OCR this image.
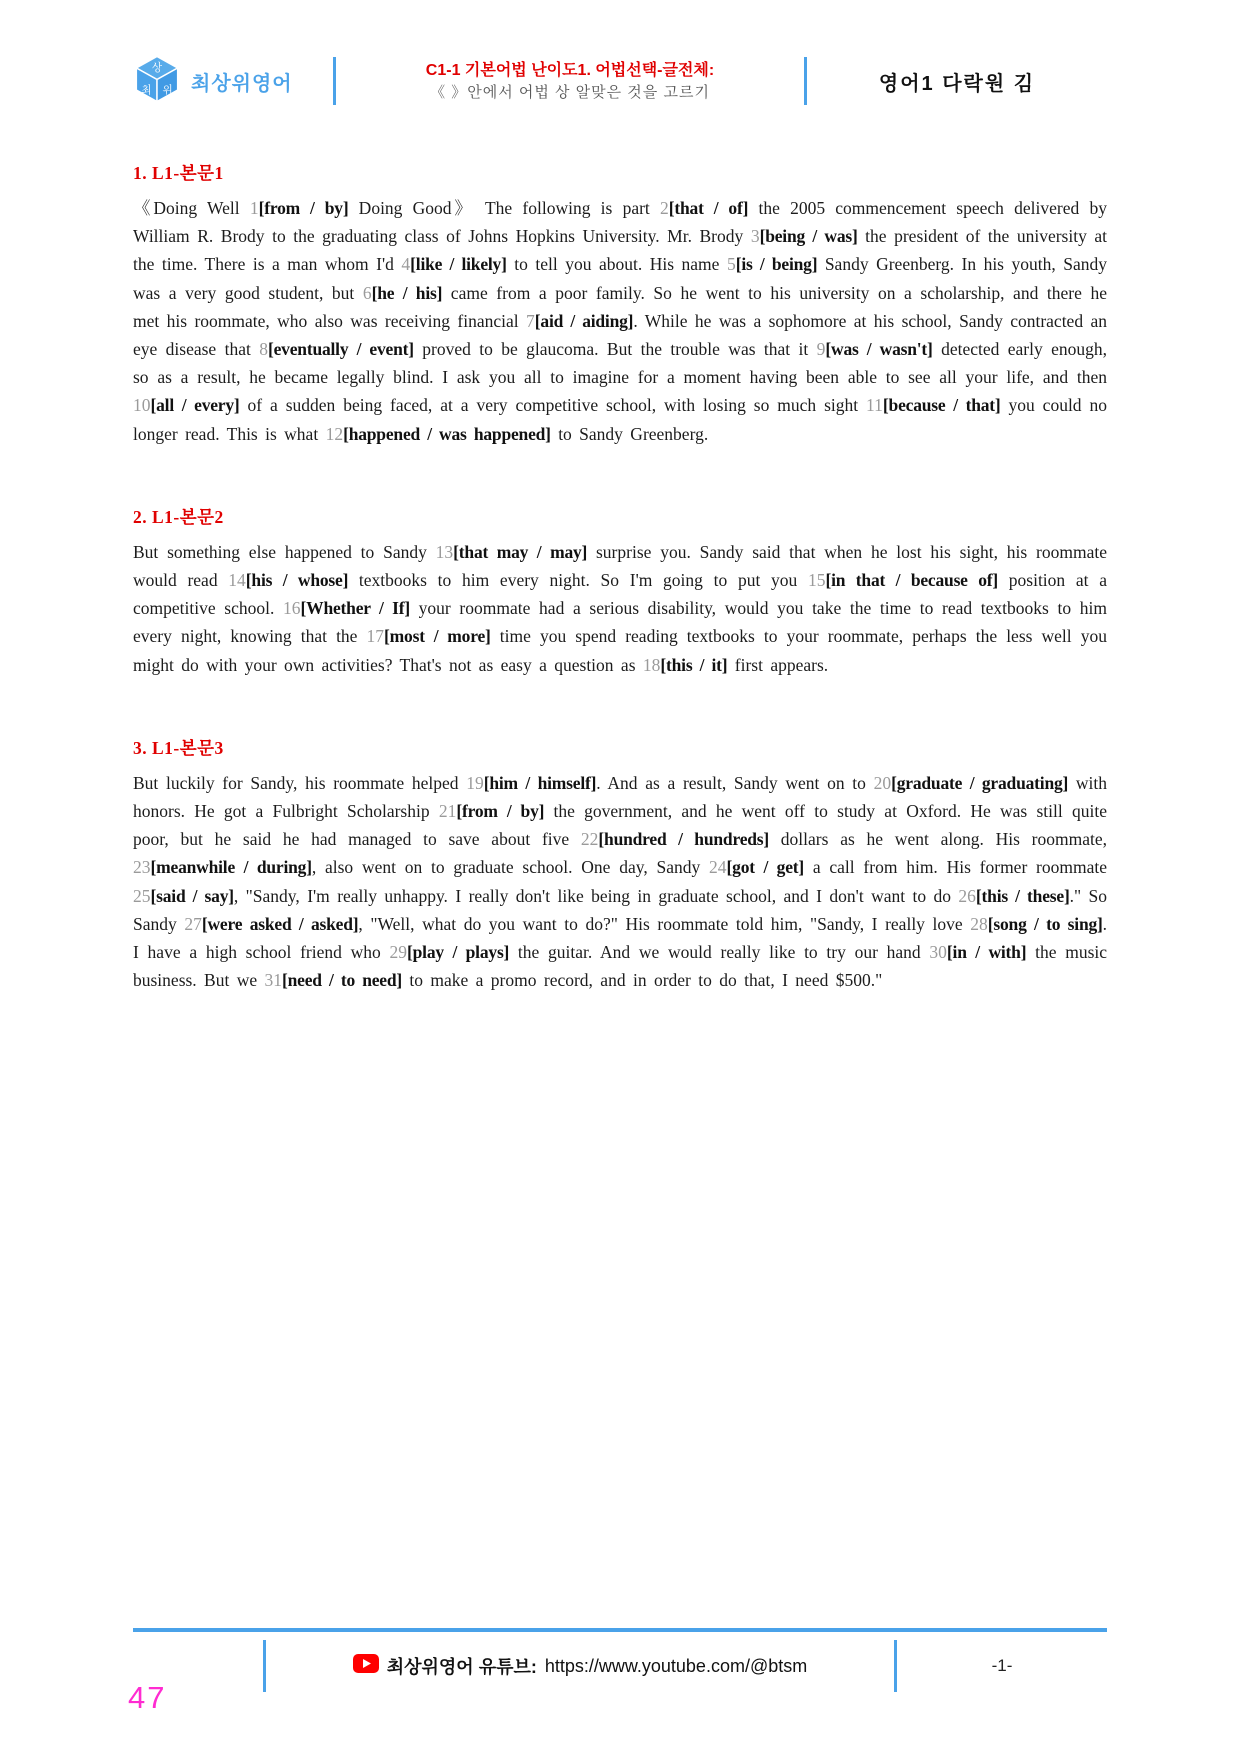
상
최 위 최상위영어
C1-1 기본어법 난이도1. 어법선택-글전체:
《 》안에서 어법 상 알맞은 것을 고르기	영어1 다락원 김
1. L1-본문1
《Doing Well 1[from / by] Doing Good》 The following is part 2[that / of] the 2005 commencement speech delivered by William R. Brody to the graduating class of Johns Hopkins University. Mr. Brody 3[being / was] the president of the university at the time. There is a man whom I'd 4[like / likely] to tell you about. His name 5[is / being] Sandy Greenberg. In his youth, Sandy was a very good student, but 6[he / his] came from a poor family. So he went to his university on a scholarship, and there he met his roommate, who also was receiving financial 7[aid / aiding]. While he was a sophomore at his school, Sandy contracted an eye disease that 8[eventually / event] proved to be glaucoma. But the trouble was that it 9[was / wasn't] detected early enough, so as a result, he became legally blind. I ask you all to imagine for a moment having been able to see all your life, and then 10[all / every] of a sudden being faced, at a very competitive school, with losing so much sight 11[because / that] you could no longer read. This is what 12[happened / was happened] to Sandy Greenberg.
2. L1-본문2
But something else happened to Sandy 13[that may / may] surprise you. Sandy said that when he lost his sight, his roommate would read 14[his / whose] textbooks to him every night. So I'm going to put you 15[in that / because of] position at a competitive school. 16[Whether / If] your roommate had a serious disability, would you take the time to read textbooks to him every night, knowing that the 17[most / more] time you spend reading textbooks to your roommate, perhaps the less well you might do with your own activities? That's not as easy a question as 18[this / it] first appears.
3. L1-본문3
But luckily for Sandy, his roommate helped 19[him / himself]. And as a result, Sandy went on to 20[graduate / graduating] with honors. He got a Fulbright Scholarship 21[from / by] the government, and he went off to study at Oxford. He was still quite poor, but he said he had managed to save about five 22[hundred / hundreds] dollars as he went along. His roommate, 23[meanwhile / during], also went on to graduate school. One day, Sandy 24[got / get] a call from him. His former roommate 25[said / say], "Sandy, I'm really unhappy. I really don't like being in graduate school, and I don't want to do 26[this / these]." So Sandy 27[were asked / asked], "Well, what do you want to do?" His roommate told him, "Sandy, I really love 28[song / to sing]. I have a high school friend who 29[play / plays] the guitar. And we would really like to try our hand 30[in / with] the music business. But we 31[need / to need] to make a promo record, and in order to do that, I need $500."
최상위영어 유튜브: https://www.youtube.com/@btsm	-1-
47
